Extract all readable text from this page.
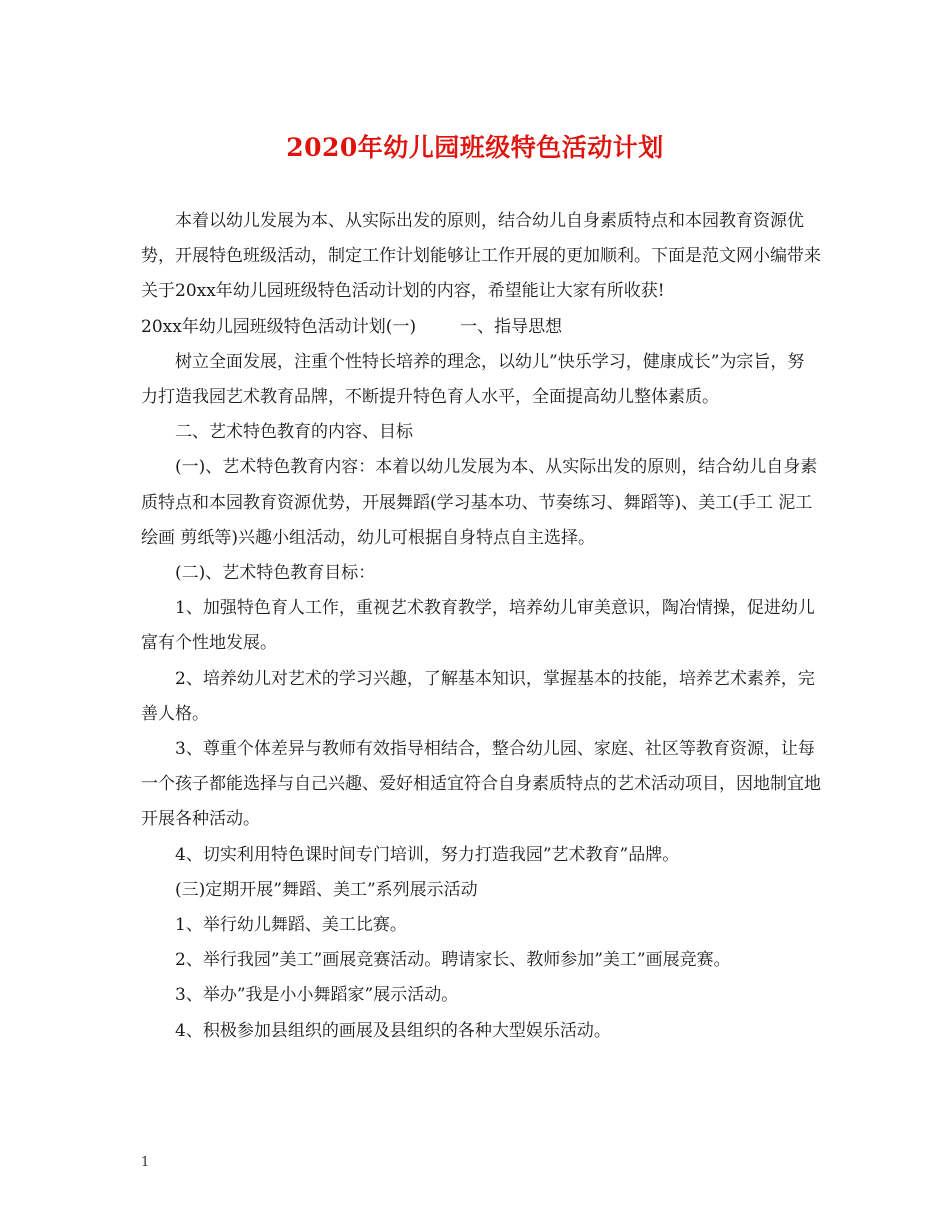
2020年幼儿园班级特色活动计划

本着以幼儿发展为本、从实际出发的原则，结合幼儿自身素质特点和本园教育资源优势，开展特色班级活动，制定工作计划能够让工作开展的更加顺利。下面是范文网小编带来关于20xx年幼儿园班级特色活动计划的内容，希望能让大家有所收获!

20xx年幼儿园班级特色活动计划(一)	一、指导思想

树立全面发展，注重个性特长培养的理念，以幼儿”快乐学习，健康成长”为宗旨，努力打造我园艺术教育品牌，不断提升特色育人水平，全面提高幼儿整体素质。

二、艺术特色教育的内容、目标

(一)、艺术特色教育内容：本着以幼儿发展为本、从实际出发的原则，结合幼儿自身素质特点和本园教育资源优势，开展舞蹈(学习基本功、节奏练习、舞蹈等)、美工(手工 泥工 绘画 剪纸等)兴趣小组活动，幼儿可根据自身特点自主选择。

(二)、艺术特色教育目标：

1、加强特色育人工作，重视艺术教育教学，培养幼儿审美意识，陶冶情操，促进幼儿富有个性地发展。

2、培养幼儿对艺术的学习兴趣，了解基本知识，掌握基本的技能，培养艺术素养，完善人格。

3、尊重个体差异与教师有效指导相结合，整合幼儿园、家庭、社区等教育资源，让每一个孩子都能选择与自己兴趣、爱好相适宜符合自身素质特点的艺术活动项目，因地制宜地开展各种活动。

4、切实利用特色课时间专门培训，努力打造我园”艺术教育”品牌。

(三)定期开展”舞蹈、美工”系列展示活动

1、举行幼儿舞蹈、美工比赛。

2、举行我园”美工”画展竞赛活动。聘请家长、教师参加”美工”画展竞赛。

3、举办”我是小小舞蹈家”展示活动。

4、积极参加县组织的画展及县组织的各种大型娱乐活动。

1
